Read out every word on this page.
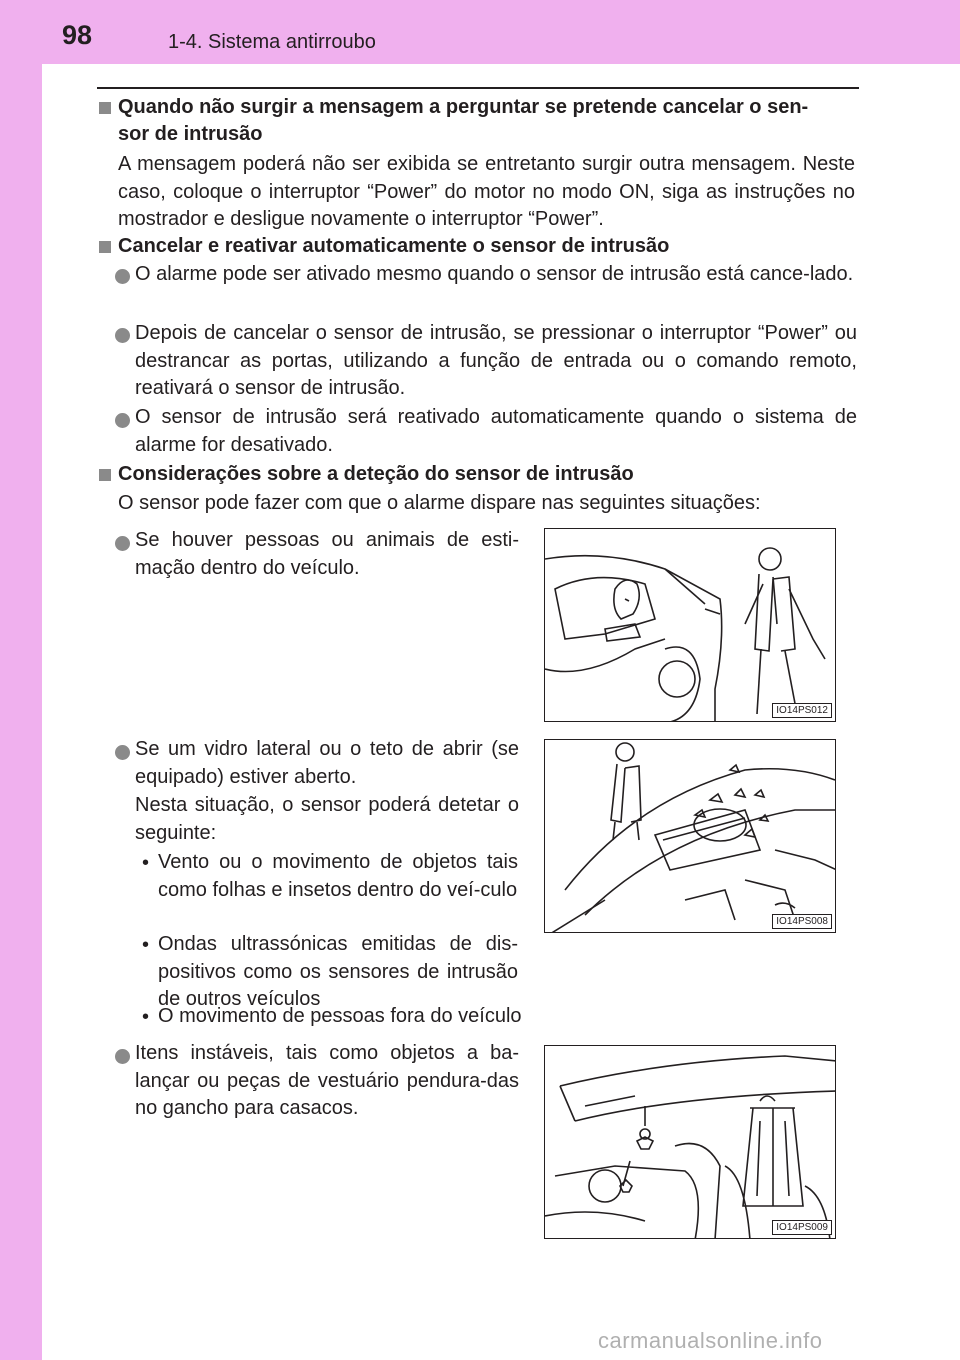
98	1-4. Sistema antirroubo
Quando não surgir a mensagem a perguntar se pretende cancelar o sen-
sor de intrusão
A mensagem poderá não ser exibida se entretanto surgir outra mensagem. Neste caso, coloque o interruptor “Power” do motor no modo ON, siga as instruções no mostrador e desligue novamente o interruptor “Power”.
Cancelar e reativar automaticamente o sensor de intrusão
O alarme pode ser ativado mesmo quando o sensor de intrusão está cance-lado.
Depois de cancelar o sensor de intrusão, se pressionar o interruptor “Power” ou destrancar as portas, utilizando a função de entrada ou o comando remoto, reativará o sensor de intrusão.
O sensor de intrusão será reativado automaticamente quando o sistema de alarme for desativado.
Considerações sobre a deteção do sensor de intrusão
O sensor pode fazer com que o alarme dispare nas seguintes situações:
Se houver pessoas ou animais de esti-mação dentro do veículo.
Se um vidro lateral ou o teto de abrir (se equipado) estiver aberto.
Nesta situação, o sensor poderá detetar o seguinte:
• Vento ou o movimento de objetos tais como folhas e insetos dentro do veí-culo
• Ondas ultrassónicas emitidas de dis-positivos como os sensores de intrusão de outros veículos
• O movimento de pessoas fora do veículo
Itens instáveis, tais como objetos a ba-lançar ou peças de vestuário pendura-das no gancho para casacos.
IO14PS012
IO14PS008
IO14PS009
carmanualsonline.info
